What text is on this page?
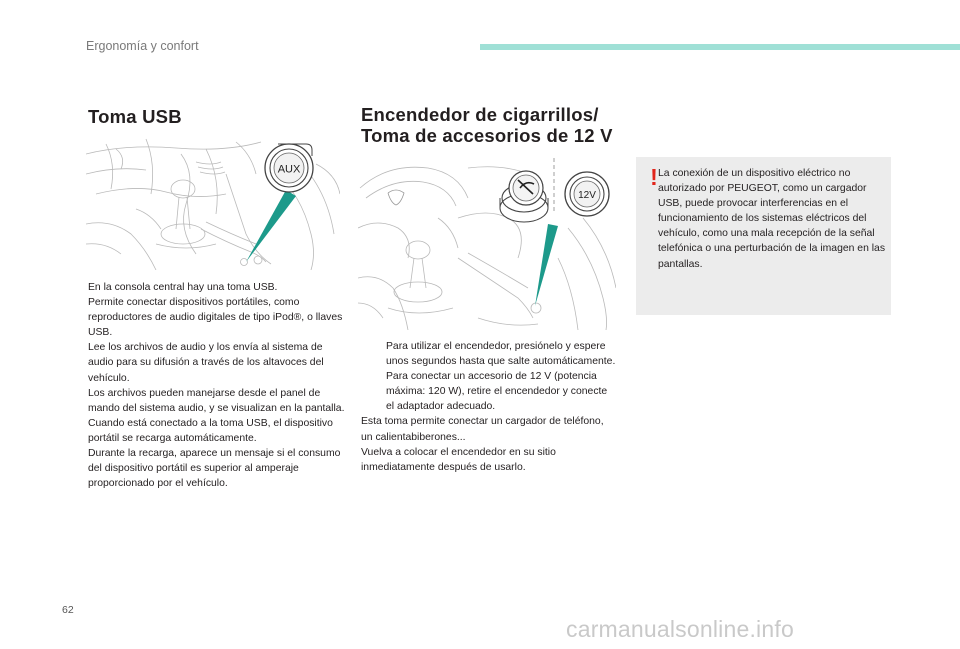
Ergonomía y confort
Toma USB
AUX

En la consola central hay una toma USB.

Permite conectar dispositivos portátiles, como reproductores de audio digitales de tipo iPod®, o llaves USB.

Lee los archivos de audio y los envía al sistema de audio para su difusión a través de los altavoces del vehículo.

Los archivos pueden manejarse desde el panel de mando del sistema audio, y se visualizan en la pantalla.

Cuando está conectado a la toma USB, el dispositivo portátil se recarga automáticamente.

Durante la recarga, aparece un mensaje si el consumo del dispositivo portátil es superior al amperaje proporcionado por el vehículo.

Encendedor de cigarrillos/
Toma de accesorios de 12 V
12V
Para utilizar el encendedor, presiónelo y espere unos segundos hasta que salte automáticamente.
Para conectar un accesorio de 12 V (potencia máxima: 120 W), retire el encendedor y conecte el adaptador adecuado.

Esta toma permite conectar un cargador de teléfono, un calientabiberones...

Vuelva a colocar el encendedor en su sitio inmediatamente después de usarlo.

! La conexión de un dispositivo eléctrico no autorizado por PEUGEOT, como un cargador USB, puede provocar interferencias en el funcionamiento de los sistemas eléctricos del vehículo, como una mala recepción de la señal telefónica o una perturbación de la imagen en las pantallas.
62
carmanualsonline.info
